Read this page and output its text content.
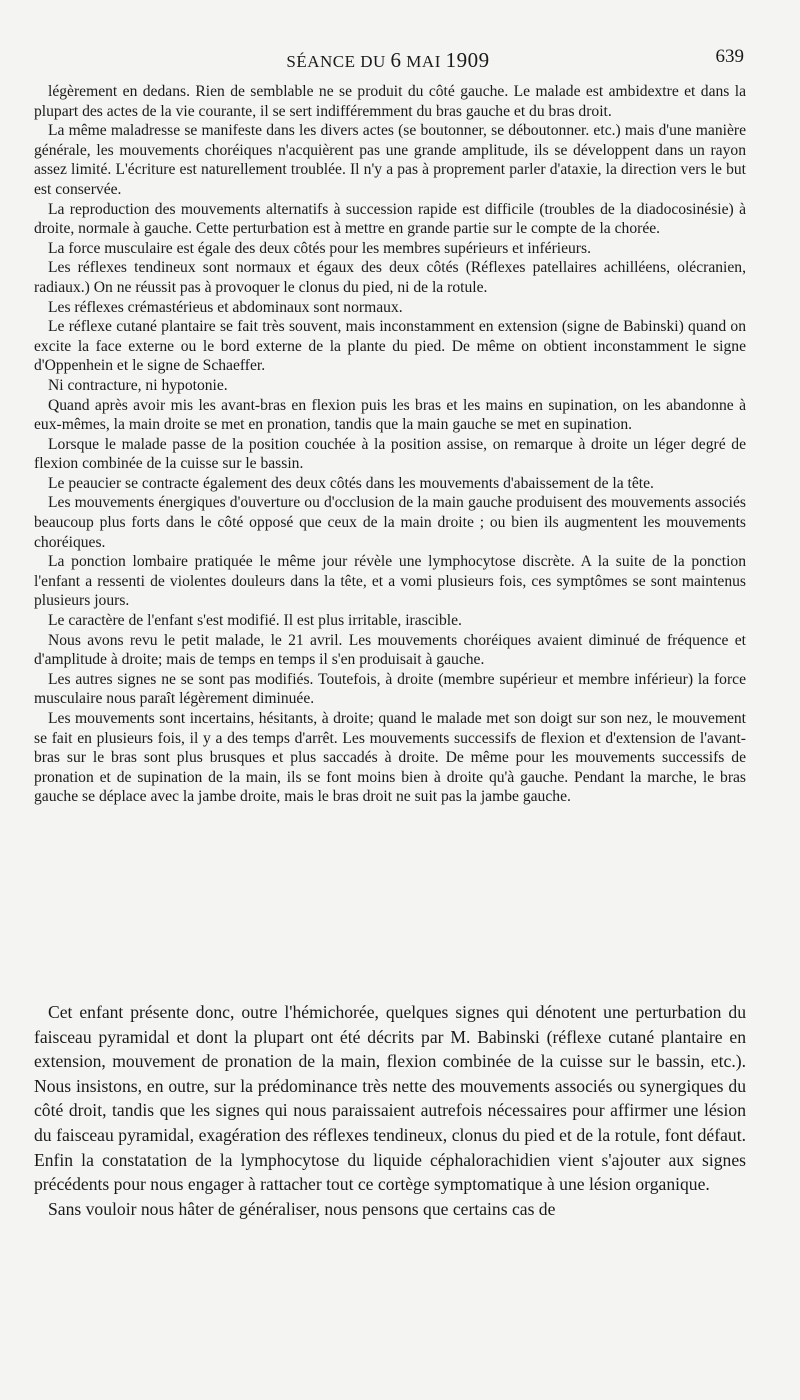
SÉANCE DU 6 MAI 1909	639

légèrement en dedans. Rien de semblable ne se produit du côté gauche. Le malade est ambidextre et dans la plupart des actes de la vie courante, il se sert indifféremment du bras gauche et du bras droit.

La même maladresse se manifeste dans les divers actes (se boutonner, se déboutonner. etc.) mais d'une manière générale, les mouvements choréiques n'acquièrent pas une grande amplitude, ils se développent dans un rayon assez limité. L'écriture est naturellement troublée. Il n'y a pas à proprement parler d'ataxie, la direction vers le but est conservée.

La reproduction des mouvements alternatifs à succession rapide est difficile (troubles de la diadocosinésie) à droite, normale à gauche. Cette perturbation est à mettre en grande partie sur le compte de la chorée.

La force musculaire est égale des deux côtés pour les membres supérieurs et inférieurs.

Les réflexes tendineux sont normaux et égaux des deux côtés (Réflexes patellaires achilléens, olécranien, radiaux.) On ne réussit pas à provoquer le clonus du pied, ni de la rotule.

Les réflexes crémastérieus et abdominaux sont normaux.

Le réflexe cutané plantaire se fait très souvent, mais inconstamment en extension (signe de Babinski) quand on excite la face externe ou le bord externe de la plante du pied. De même on obtient inconstamment le signe d'Oppenhein et le signe de Schaeffer.

Ni contracture, ni hypotonie.

Quand après avoir mis les avant-bras en flexion puis les bras et les mains en supination, on les abandonne à eux-mêmes, la main droite se met en pronation, tandis que la main gauche se met en supination.

Lorsque le malade passe de la position couchée à la position assise, on remarque à droite un léger degré de flexion combinée de la cuisse sur le bassin.

Le peaucier se contracte également des deux côtés dans les mouvements d'abaissement de la tête.

Les mouvements énergiques d'ouverture ou d'occlusion de la main gauche produisent des mouvements associés beaucoup plus forts dans le côté opposé que ceux de la main droite ; ou bien ils augmentent les mouvements choréiques.

La ponction lombaire pratiquée le même jour révèle une lymphocytose discrète. A la suite de la ponction l'enfant a ressenti de violentes douleurs dans la tête, et a vomi plusieurs fois, ces symptômes se sont maintenus plusieurs jours.

Le caractère de l'enfant s'est modifié. Il est plus irritable, irascible.

Nous avons revu le petit malade, le 21 avril. Les mouvements choréiques avaient diminué de fréquence et d'amplitude à droite; mais de temps en temps il s'en produisait à gauche.

Les autres signes ne se sont pas modifiés. Toutefois, à droite (membre supérieur et membre inférieur) la force musculaire nous paraît légèrement diminuée.

Les mouvements sont incertains, hésitants, à droite; quand le malade met son doigt sur son nez, le mouvement se fait en plusieurs fois, il y a des temps d'arrêt. Les mouvements successifs de flexion et d'extension de l'avant-bras sur le bras sont plus brusques et plus saccadés à droite. De même pour les mouvements successifs de pronation et de supination de la main, ils se font moins bien à droite qu'à gauche. Pendant la marche, le bras gauche se déplace avec la jambe droite, mais le bras droit ne suit pas la jambe gauche.

Cet enfant présente donc, outre l'hémichorée, quelques signes qui dénotent une perturbation du faisceau pyramidal et dont la plupart ont été décrits par M. Babinski (réflexe cutané plantaire en extension, mouvement de pronation de la main, flexion combinée de la cuisse sur le bassin, etc.). Nous insistons, en outre, sur la prédominance très nette des mouvements associés ou synergiques du côté droit, tandis que les signes qui nous paraissaient autrefois nécessaires pour affirmer une lésion du faisceau pyramidal, exagération des réflexes tendineux, clonus du pied et de la rotule, font défaut. Enfin la constatation de la lymphocytose du liquide céphalorachidien vient s'ajouter aux signes précédents pour nous engager à rattacher tout ce cortège symptomatique à une lésion organique.

Sans vouloir nous hâter de généraliser, nous pensons que certains cas de
